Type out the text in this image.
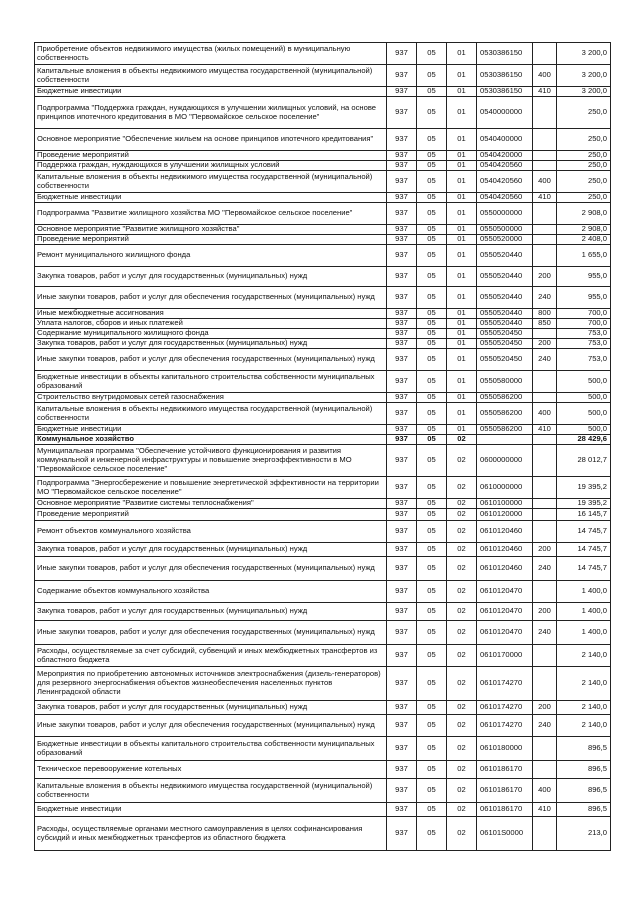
Приобретение объектов недвижимого имущества (жилых помещений) в муниципальную собственность	937	05	01	0530386150		3 200,0
Капитальные вложения в объекты недвижимого имущества государственной (муниципальной) собственности	937	05	01	0530386150	400	3 200,0
Бюджетные инвестиции	937	05	01	0530386150	410	3 200,0
Подпрограмма "Поддержка граждан, нуждающихся в улучшении жилищных условий, на основе принципов ипотечного кредитования в МО "Первомайское сельское поселение"	937	05	01	0540000000		250,0
Основное мероприятие "Обеспечение жильем на основе принципов ипотечного кредитования"	937	05	01	0540400000		250,0
Проведение мероприятий	937	05	01	0540420000		250,0
Поддержка граждан, нуждающихся в улучшении жилищных условий	937	05	01	0540420560		250,0
Капитальные вложения в объекты недвижимого имущества государственной (муниципальной) собственности	937	05	01	0540420560	400	250,0
Бюджетные инвестиции	937	05	01	0540420560	410	250,0
Подпрограмма "Развитие жилищного хозяйства МО "Первомайское сельское поселение"	937	05	01	0550000000		2 908,0
Основное мероприятие "Развитие жилищного хозяйства"	937	05	01	0550500000		2 908,0
Проведение мероприятий	937	05	01	0550520000		2 408,0
Ремонт муниципального жилищного фонда	937	05	01	0550520440		1 655,0
Закупка товаров, работ и услуг для государственных (муниципальных) нужд	937	05	01	0550520440	200	955,0
Иные закупки товаров, работ и услуг для обеспечения государственных (муниципальных) нужд	937	05	01	0550520440	240	955,0
Иные межбюджетные ассигнования	937	05	01	0550520440	800	700,0
Уплата налогов, сборов и иных платежей	937	05	01	0550520440	850	700,0
Содержание муниципального жилищного фонда	937	05	01	0550520450		753,0
Закупка товаров, работ и услуг для государственных (муниципальных) нужд	937	05	01	0550520450	200	753,0
Иные закупки товаров, работ и услуг для обеспечения государственных (муниципальных) нужд	937	05	01	0550520450	240	753,0
Бюджетные инвестиции в объекты капитального строительства собственности муниципальных образований	937	05	01	0550580000		500,0
Строительство внутридомовых сетей газоснабжения	937	05	01	0550586200		500,0
Капитальные вложения в объекты недвижимого имущества государственной (муниципальной) собственности	937	05	01	0550586200	400	500,0
Бюджетные инвестиции	937	05	01	0550586200	410	500,0
Коммунальное хозяйство	937	05	02			28 429,6
Муниципальная программа "Обеспечение устойчивого функционирования и развития коммунальной и инженерной инфраструктуры и повышение энергоэффективности в МО "Первомайское сельское поселение"	937	05	02	0600000000		28 012,7
Подпрограмма "Энергосбережение и повышение энергетической эффективности на территории МО "Первомайское сельское поселение"	937	05	02	0610000000		19 395,2
Основное мероприятие "Развитие системы теплоснабжения"	937	05	02	0610100000		19 395,2
Проведение мероприятий	937	05	02	0610120000		16 145,7
Ремонт объектов коммунального хозяйства	937	05	02	0610120460		14 745,7
Закупка товаров, работ и услуг для государственных (муниципальных) нужд	937	05	02	0610120460	200	14 745,7
Иные закупки товаров, работ и услуг для обеспечения государственных (муниципальных) нужд	937	05	02	0610120460	240	14 745,7
Содержание объектов коммунального хозяйства	937	05	02	0610120470		1 400,0
Закупка товаров, работ и услуг для государственных (муниципальных) нужд	937	05	02	0610120470	200	1 400,0
Иные закупки товаров, работ и услуг для обеспечения государственных (муниципальных) нужд	937	05	02	0610120470	240	1 400,0
Расходы, осуществляемые за счет субсидий, субвенций и иных межбюджетных трансфертов из областного бюджета	937	05	02	0610170000		2 140,0
Мероприятия по приобретению автономных источников электроснабжения (дизель-генераторов) для резервного энергоснабжения объектов жизнеобеспечения населенных пунктов Ленинградской области	937	05	02	0610174270		2 140,0
Закупка товаров, работ и услуг для государственных (муниципальных) нужд	937	05	02	0610174270	200	2 140,0
Иные закупки товаров, работ и услуг для обеспечения государственных (муниципальных) нужд	937	05	02	0610174270	240	2 140,0
Бюджетные инвестиции в объекты капитального строительства собственности муниципальных образований	937	05	02	0610180000		896,5
Техническое перевооружение котельных	937	05	02	0610186170		896,5
Капитальные вложения в объекты недвижимого имущества государственной (муниципальной) собственности	937	05	02	0610186170	400	896,5
Бюджетные инвестиции	937	05	02	0610186170	410	896,5
Расходы, осуществляемые органами местного самоуправления в целях софинансирования субсидий и иных межбюджетных трансфертов из областного бюджета	937	05	02	06101S0000		213,0
